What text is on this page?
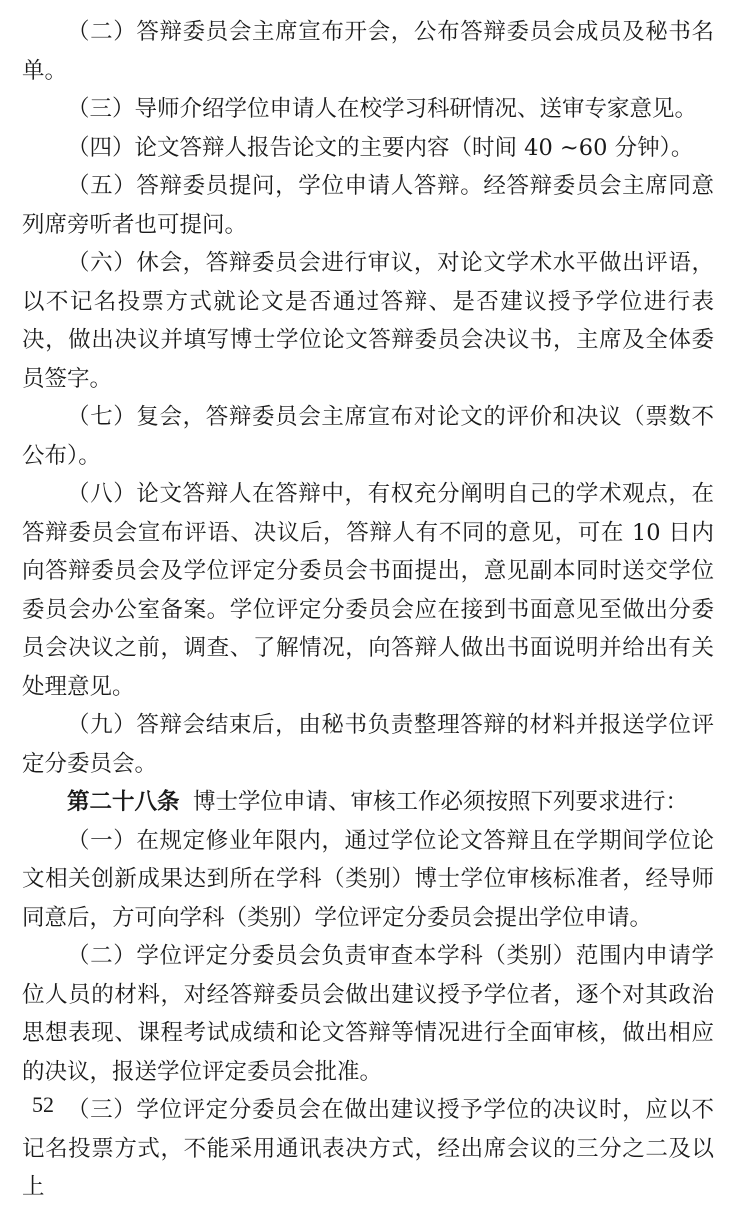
（二）答辩委员会主席宣布开会，公布答辩委员会成员及秘书名单。

（三）导师介绍学位申请人在校学习科研情况、送审专家意见。

（四）论文答辩人报告论文的主要内容（时间 40 ~60 分钟）。

（五）答辩委员提问，学位申请人答辩。经答辩委员会主席同意列席旁听者也可提问。

（六）休会，答辩委员会进行审议，对论文学术水平做出评语，以不记名投票方式就论文是否通过答辩、是否建议授予学位进行表决，做出决议并填写博士学位论文答辩委员会决议书，主席及全体委员签字。

（七）复会，答辩委员会主席宣布对论文的评价和决议（票数不公布）。

（八）论文答辩人在答辩中，有权充分阐明自己的学术观点，在答辩委员会宣布评语、决议后，答辩人有不同的意见，可在 10 日内向答辩委员会及学位评定分委员会书面提出，意见副本同时送交学位委员会办公室备案。学位评定分委员会应在接到书面意见至做出分委员会决议之前，调查、了解情况，向答辩人做出书面说明并给出有关处理意见。

（九）答辩会结束后，由秘书负责整理答辩的材料并报送学位评定分委员会。

第二十八条 博士学位申请、审核工作必须按照下列要求进行：

（一）在规定修业年限内，通过学位论文答辩且在学期间学位论文相关创新成果达到所在学科（类别）博士学位审核标准者，经导师同意后，方可向学科（类别）学位评定分委员会提出学位申请。

（二）学位评定分委员会负责审查本学科（类别）范围内申请学位人员的材料，对经答辩委员会做出建议授予学位者，逐个对其政治思想表现、课程考试成绩和论文答辩等情况进行全面审核，做出相应的决议，报送学位评定委员会批准。

（三）学位评定分委员会在做出建议授予学位的决议时，应以不记名投票方式，不能采用通讯表决方式，经出席会议的三分之二及以上

52
